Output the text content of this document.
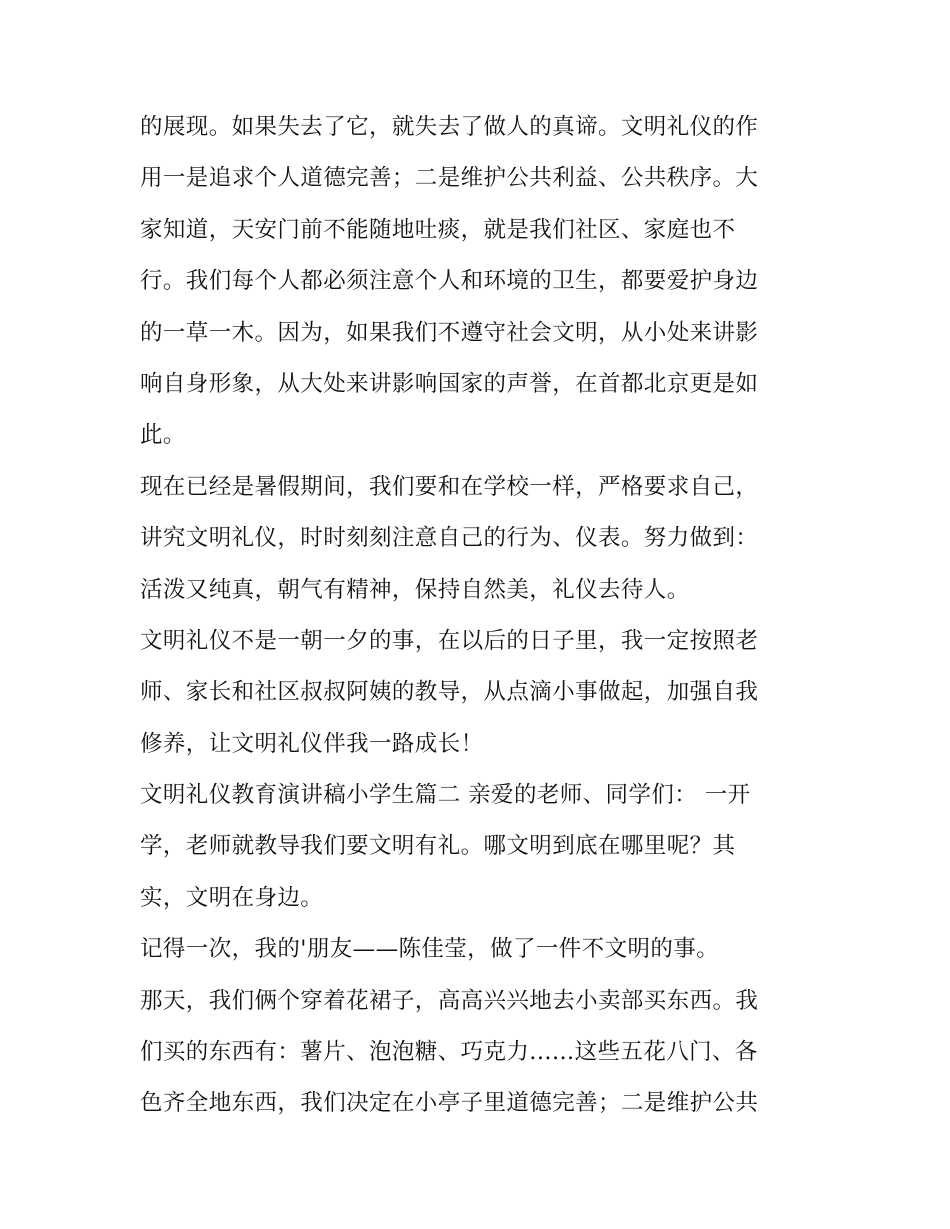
的展现。如果失去了它，就失去了做人的真谛。文明礼仪的作
用一是追求个人道德完善；二是维护公共利益、公共秩序。大
家知道，天安门前不能随地吐痰，就是我们社区、家庭也不
行。我们每个人都必须注意个人和环境的卫生，都要爱护身边
的一草一木。因为，如果我们不遵守社会文明，从小处来讲影
响自身形象，从大处来讲影响国家的声誉，在首都北京更是如
此。
现在已经是暑假期间，我们要和在学校一样，严格要求自己，
讲究文明礼仪，时时刻刻注意自己的行为、仪表。努力做到：
活泼又纯真，朝气有精神，保持自然美，礼仪去待人。
文明礼仪不是一朝一夕的事，在以后的日子里，我一定按照老
师、家长和社区叔叔阿姨的教导，从点滴小事做起，加强自我
修养，让文明礼仪伴我一路成长！
文明礼仪教育演讲稿小学生篇二 亲爱的老师、同学们： 一开
学，老师就教导我们要文明有礼。哪文明到底在哪里呢？其
实，文明在身边。
记得一次，我的'朋友——陈佳莹，做了一件不文明的事。
那天，我们俩个穿着花裙子，高高兴兴地去小卖部买东西。我
们买的东西有：薯片、泡泡糖、巧克力......这些五花八门、各
色齐全地东西，我们决定在小亭子里道德完善；二是维护公共
